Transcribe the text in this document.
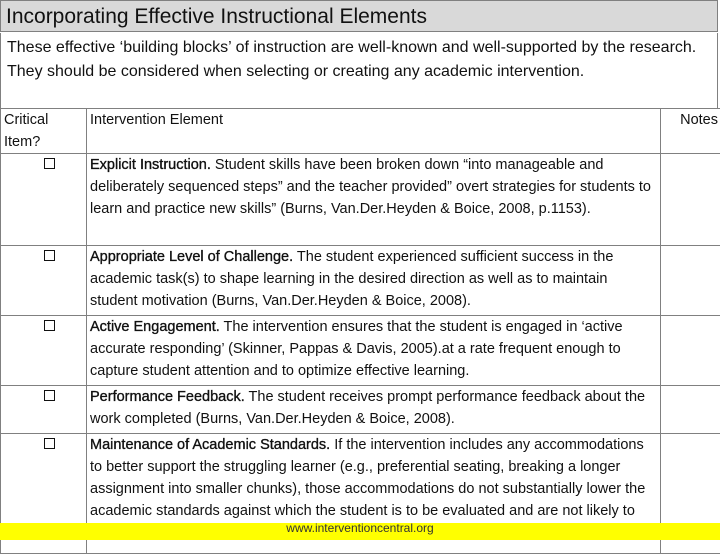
Incorporating Effective Instructional Elements
These effective ‘building blocks’ of instruction are well-known and well-supported by the research. They should be considered when selecting or creating any academic intervention.
Critical Item?	Intervention Element	Notes

	Explicit Instruction. Student skills have been broken down “into manageable and deliberately sequenced steps” and the teacher provided” overt strategies for students to learn and practice new skills” (Burns, Van.Der.Heyden & Boice, 2008, p.1153).	

	Appropriate Level of Challenge. The student experienced sufficient success in the academic task(s) to shape learning in the desired direction as well as to maintain student motivation (Burns, Van.Der.Heyden & Boice, 2008).	

	Active Engagement. The intervention ensures that the student is engaged in ‘active accurate responding’ (Skinner, Pappas & Davis, 2005).at a rate frequent enough to capture student attention and to optimize effective learning.	

	Performance Feedback. The student receives prompt performance feedback about the work completed (Burns, Van.Der.Heyden & Boice, 2008).	

	Maintenance of Academic Standards. If the intervention includes any accommodations to better support the struggling learner (e.g., preferential seating, breaking a longer assignment into smaller chunks), those accommodations do not substantially lower the academic standards against which the student is to be evaluated and are not likely to	
www.interventioncentral.org
